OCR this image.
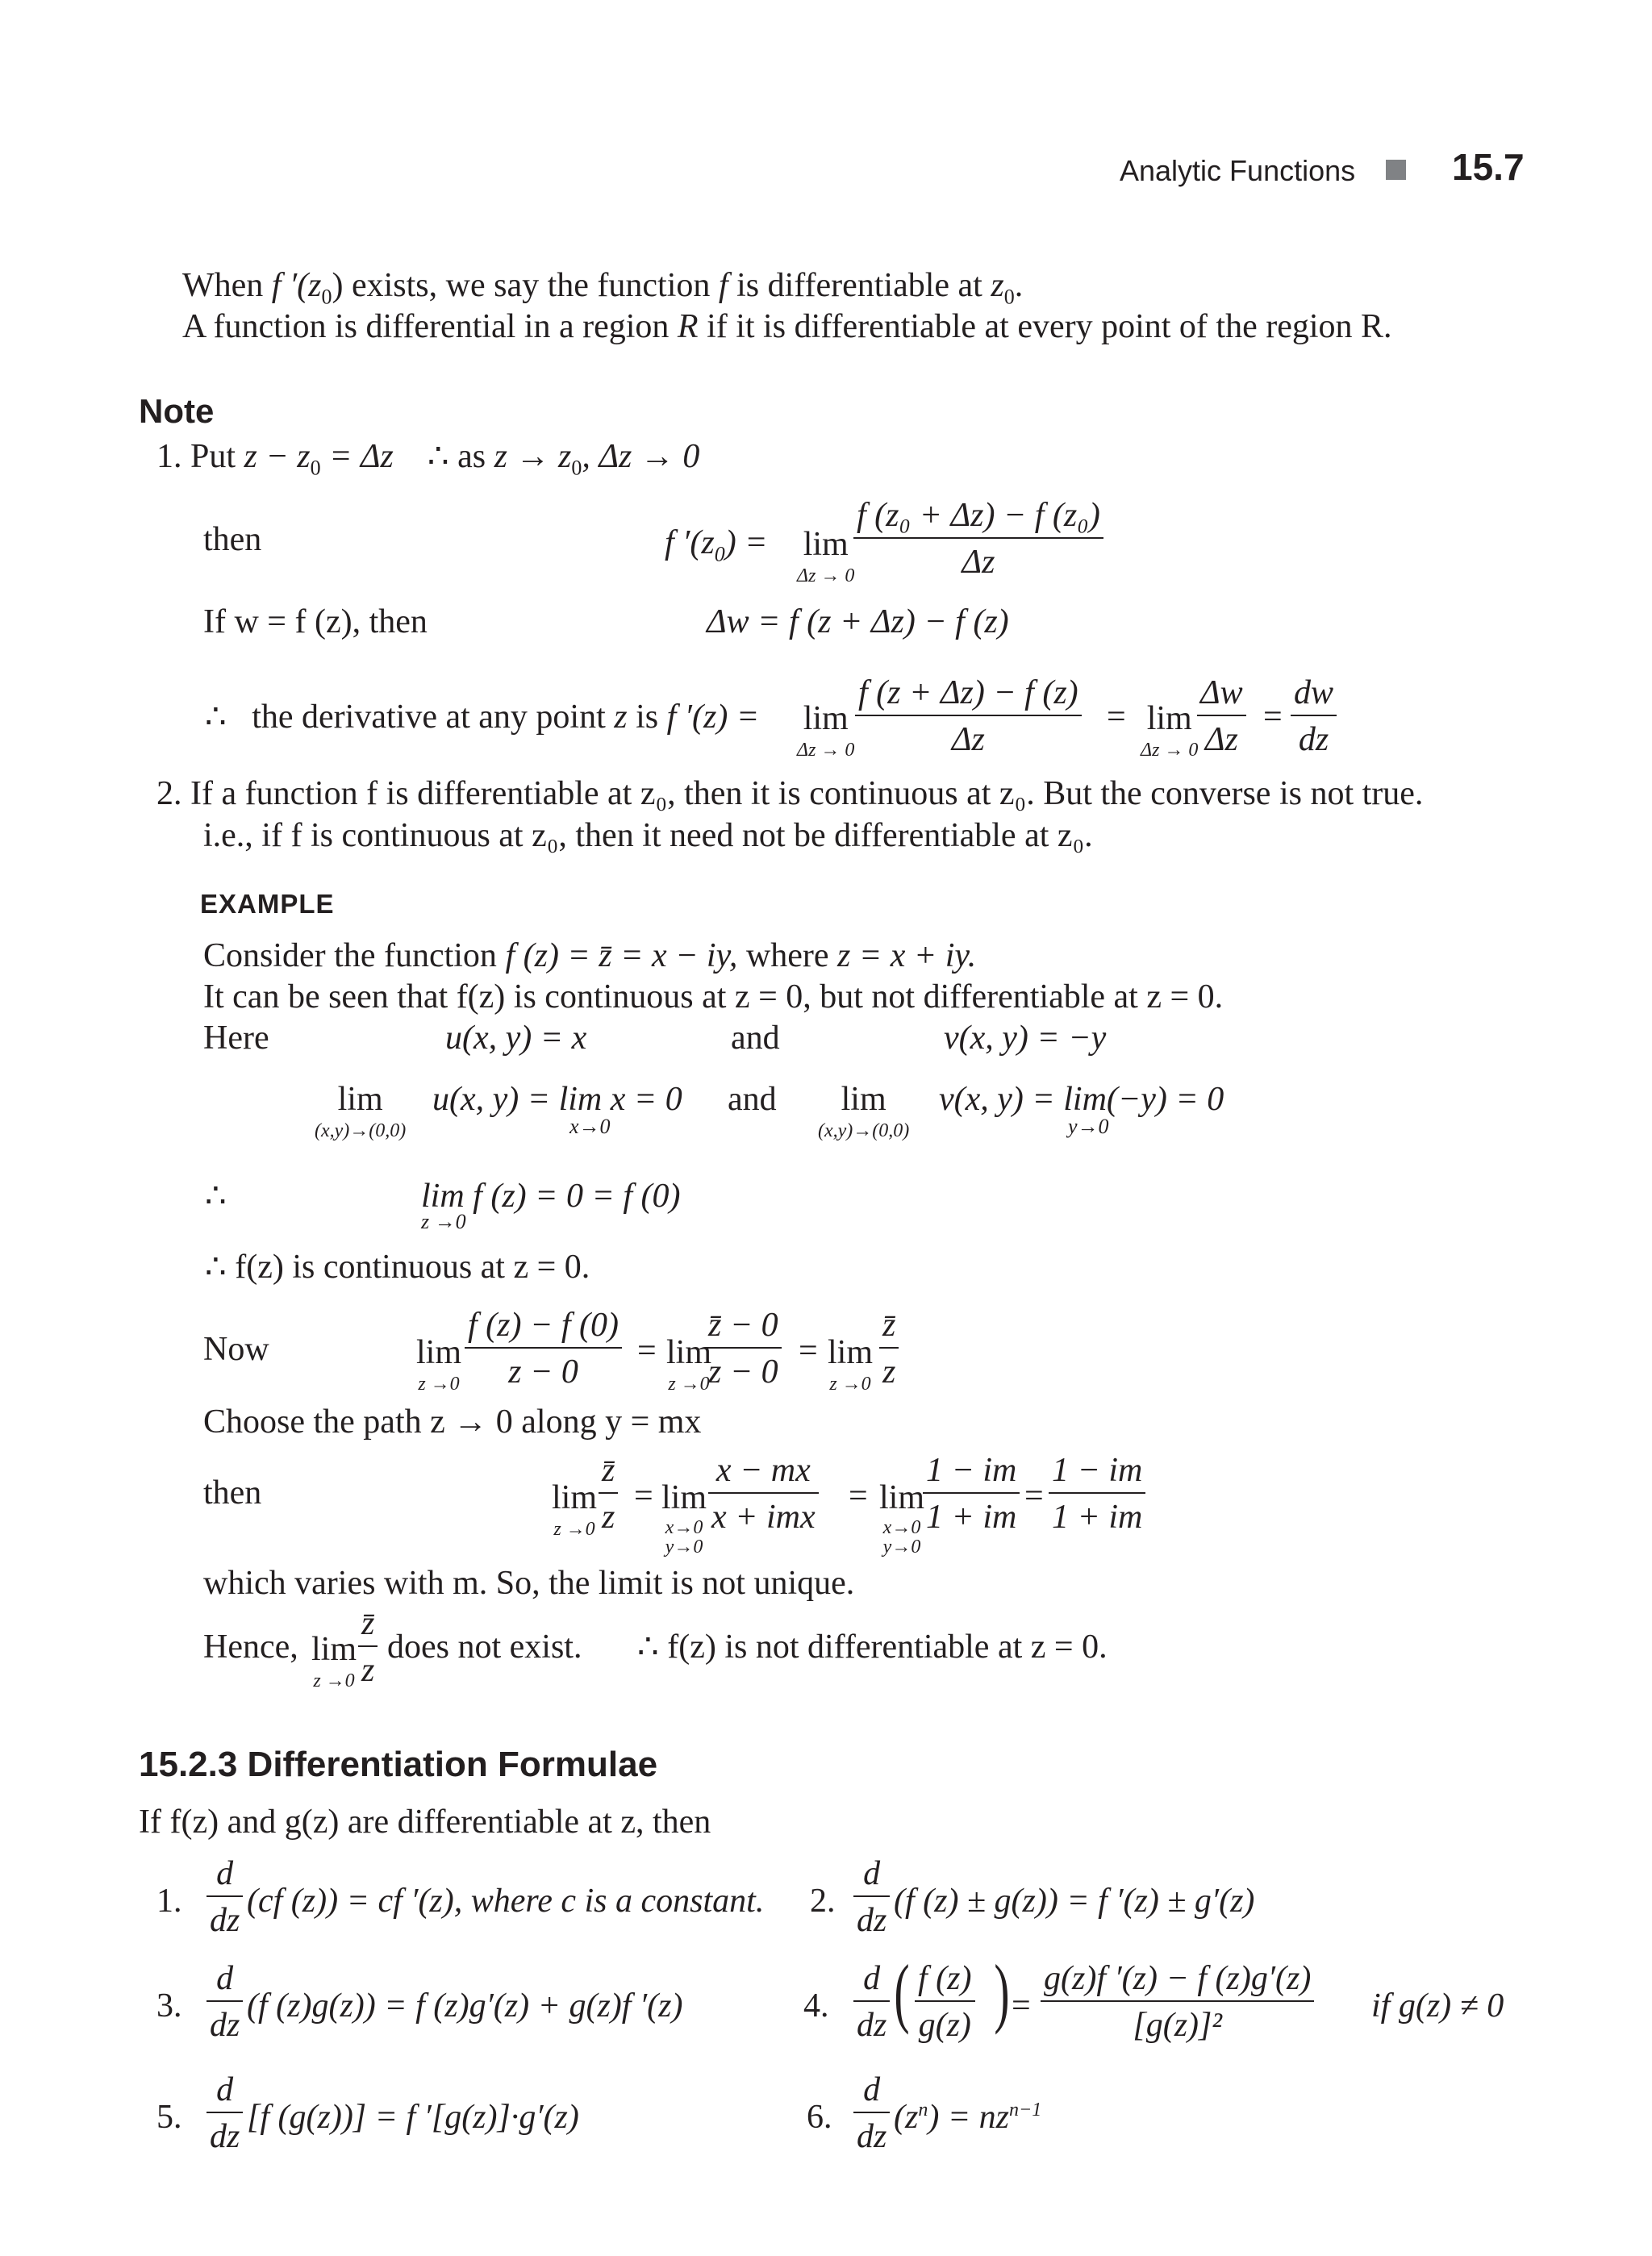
Analytic Functions	15.7
When f $'(z_0)$ exists, we say the function f is differentiable at $z_0$.
A function is differential in a region R if it is differentiable at every point of the region R.
Note
1. Put $z - z_0 = \Delta z$ ∴ as $z \to z_0$, Δz → 0
then	f $'(z_0) = \lim$
Δz → 0
$\frac{\text{f (z₀ + Δz) − f (z₀)}}{\Delta z}$
If w = f (z), then	Δw = f (z + Δz) − f (z)
∴ the derivative at any point z is f ′(z) = lim
$\Delta z \to 0 \frac{f (z + \Delta z) - f (z)}{\Delta z} = \lim$
Δz → 0
$\frac{\Delta w}{\Delta z} = \frac{dw}{dz}$
2. If a function f is differentiable at z₀, then it is continuous at z₀. But the converse is not true.
i.e., if f is continuous at z₀, then it need not be differentiable at z₀.
EXAMPLE
Consider the function f (z) = z̄ = x − iy, where z = x + iy.
It can be seen that f(z) is continuous at z = 0, but not differentiable at z = 0.
Here	u(x, y) = x	and	v(x, y) = −y
lim
(x,y)→(0,0)
u(x, y) = lim x = 0
x→0
and lim
(x,y)→(0,0)
v(x, y) = lim(−y) = 0
y→0
∴	lim f (z) = 0 = f (0)
z →0
∴ f(z) is continuous at z = 0.
Now	lim
$z \to 0 \frac{f (z) - f (0)}{z - 0} = \lim$
z →0
$\frac{z̄ - 0}{z - 0} = \lim$
$z \to 0 \frac{z̄}{z}$
Choose the path z → 0 along y = mx
then	lim
$z \to 0 \frac{z̄}{z} = \lim$
x→0
y→0
x − mx
x + imx
= lim
x→0
y→0
$\frac{1 - im}{1 + im} = \frac{1 - im}{1 + im}$
which varies with m. So, the limit is not unique.
Hence, lim
$z \to 0 \frac{z̄}{z}$ does not exist. ∴ f(z) is not differentiable at z = 0.
15.2.3 Differentiation Formulae
If f(z) and g(z) are differentiable at z, then
1. $\frac{d}{dz} (cf$ (z)) = cf ′(z), where c is a constant. 2. $\frac{d}{dz} (f$ (z) ± g(z)) = f ′(z) ± g′(z)
3. $\frac{d}{dz} (f$ (z)g(z)) = f (z)g′(z) + g(z)f ′(z)	4. $\frac{d}{dz}$ ( $\frac{f (z)}{g(z)}$ ) = $\frac{g(z)f '(z) - f (z)g'(z)}{\text{[g(z)]²}}$ if g(z) ≠ 0
5. $\frac{d}{dz} [f$ (g(z))] = f ′[g(z)]·g′(z)	6. $\frac{d}{dz} (z^n) = nz^{n-1}$
